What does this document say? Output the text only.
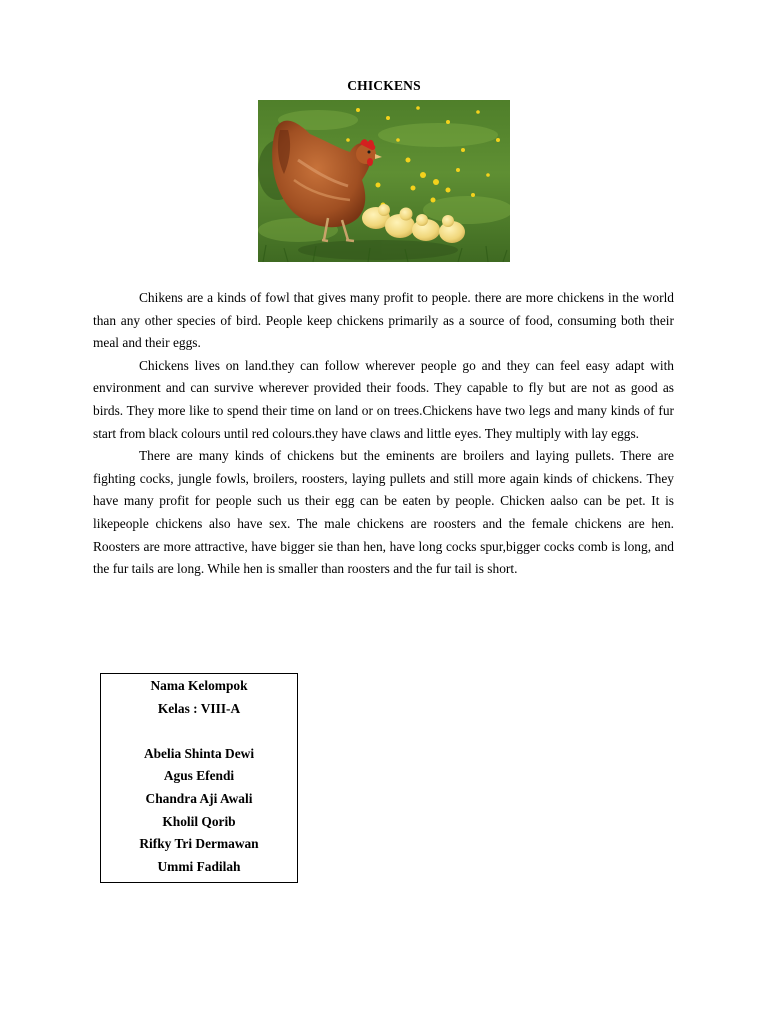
CHICKENS

Chikens are a kinds of fowl that gives many profit to people. there are more chickens in the world than any other species of bird. People keep chickens primarily as a source of food, consuming both their meal and their eggs.

Chickens lives on land.they can follow wherever people go and they can feel easy adapt with environment and can survive wherever provided their foods. They capable to fly but are not as good as birds. They more like to spend their time on land or on trees.Chickens have two legs and many kinds of fur start from black colours until red colours.they have claws and little eyes. They multiply with lay eggs.

There are many kinds of chickens but the eminents are broilers and laying pullets. There are fighting cocks, jungle fowls, broilers, roosters, laying pullets and still more again kinds of chickens. They have many profit for people such us their egg can be eaten by people. Chicken aalso can be pet. It is likepeople chickens also have sex. The male chickens are roosters and the female chickens are hen. Roosters are more attractive, have bigger sie than hen, have long cocks spur,bigger cocks comb is long, and the fur tails are long. While hen is smaller than roosters and the fur tail is short.

Nama Kelompok
Kelas : VIII-A
Abelia Shinta Dewi
Agus Efendi
Chandra Aji Awali
Kholil Qorib
Rifky Tri Dermawan
Ummi Fadilah
